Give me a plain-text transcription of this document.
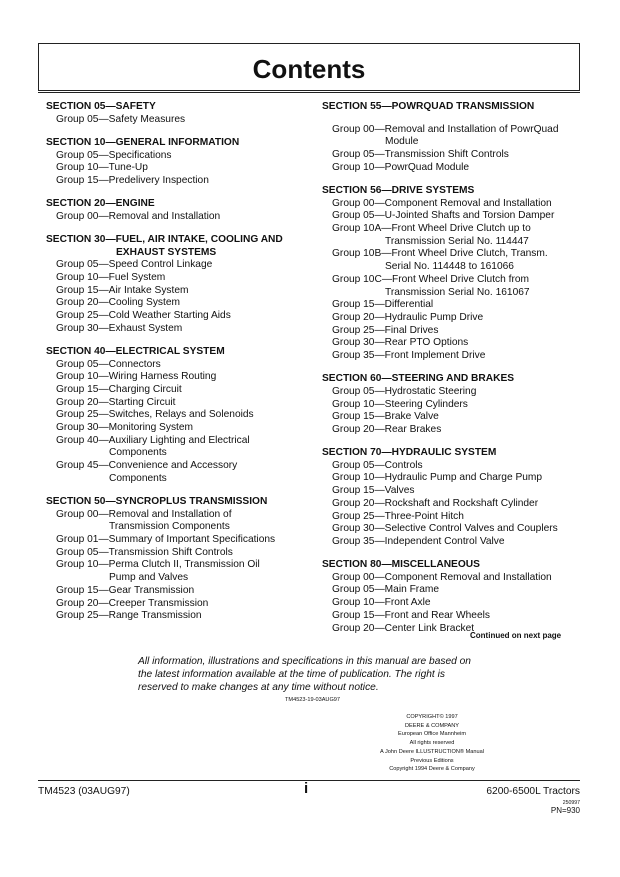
Contents
SECTION 05—SAFETY
Group 05—Safety Measures
SECTION 10—GENERAL INFORMATION
Group 05—Specifications
Group 10—Tune-Up
Group 15—Predelivery Inspection
SECTION 20—ENGINE
Group 00—Removal and Installation
SECTION 30—FUEL, AIR INTAKE, COOLING AND
EXHAUST SYSTEMS
Group 05—Speed Control Linkage
Group 10—Fuel System
Group 15—Air Intake System
Group 20—Cooling System
Group 25—Cold Weather Starting Aids
Group 30—Exhaust System
SECTION 40—ELECTRICAL SYSTEM
Group 05—Connectors
Group 10—Wiring Harness Routing
Group 15—Charging Circuit
Group 20—Starting Circuit
Group 25—Switches, Relays and Solenoids
Group 30—Monitoring System
Group 40—Auxiliary Lighting and Electrical
Components
Group 45—Convenience and Accessory
Components
SECTION 50—SYNCROPLUS TRANSMISSION
Group 00—Removal and Installation of
Transmission Components
Group 01—Summary of Important Specifications
Group 05—Transmission Shift Controls
Group 10—Perma Clutch II, Transmission Oil
Pump and Valves
Group 15—Gear Transmission
Group 20—Creeper Transmission
Group 25—Range Transmission
SECTION 55—POWRQUAD TRANSMISSION
Group 00—Removal and Installation of PowrQuad
Module
Group 05—Transmission Shift Controls
Group 10—PowrQuad Module
SECTION 56—DRIVE SYSTEMS
Group 00—Component Removal and Installation
Group 05—U-Jointed Shafts and Torsion Damper
Group 10A—Front Wheel Drive Clutch up to
Transmission Serial No. 114447
Group 10B—Front Wheel Drive Clutch, Transm.
Serial No. 114448 to 161066
Group 10C—Front Wheel Drive Clutch from
Transmission Serial No. 161067
Group 15—Differential
Group 20—Hydraulic Pump Drive
Group 25—Final Drives
Group 30—Rear PTO Options
Group 35—Front Implement Drive
SECTION 60—STEERING AND BRAKES
Group 05—Hydrostatic Steering
Group 10—Steering Cylinders
Group 15—Brake Valve
Group 20—Rear Brakes
SECTION 70—HYDRAULIC SYSTEM
Group 05—Controls
Group 10—Hydraulic Pump and Charge Pump
Group 15—Valves
Group 20—Rockshaft and Rockshaft Cylinder
Group 25—Three-Point Hitch
Group 30—Selective Control Valves and Couplers
Group 35—Independent Control Valve
SECTION 80—MISCELLANEOUS
Group 00—Component Removal and Installation
Group 05—Main Frame
Group 10—Front Axle
Group 15—Front and Rear Wheels
Group 20—Center Link Bracket
Continued on next page
All information, illustrations and specifications in this manual are based on
the latest information available at the time of publication. The right is
reserved to make changes at any time without notice.
TM4523-19-03AUG97
COPYRIGHT© 1997
DEERE & COMPANY
European Office Mannheim
All rights reserved
A John Deere ILLUSTRUCTION® Manual
Previous Editions
Copyright 1994 Deere & Company
TM4523 (03AUG97)	i	6200-6500L Tractors
250997
PN=930
